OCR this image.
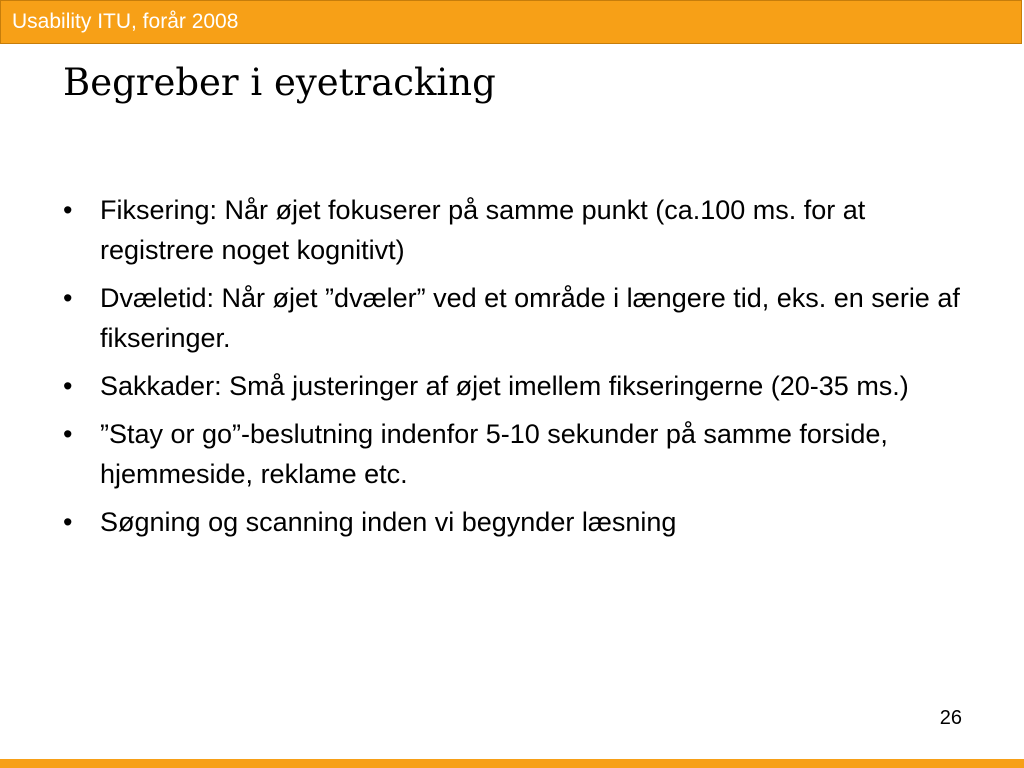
Usability ITU, forår 2008
Begreber i eyetracking
• Fiksering: Når øjet fokuserer på samme punkt (ca.100 ms. for at registrere noget kognitivt)
• Dvæletid: Når øjet ”dvæler” ved et område i længere tid, eks. en serie af fikseringer.
• Sakkader: Små justeringer af øjet imellem fikseringerne (20-35 ms.)
• ”Stay or go”-beslutning indenfor 5-10 sekunder på samme forside, hjemmeside, reklame etc.
• Søgning og scanning inden vi begynder læsning
26
